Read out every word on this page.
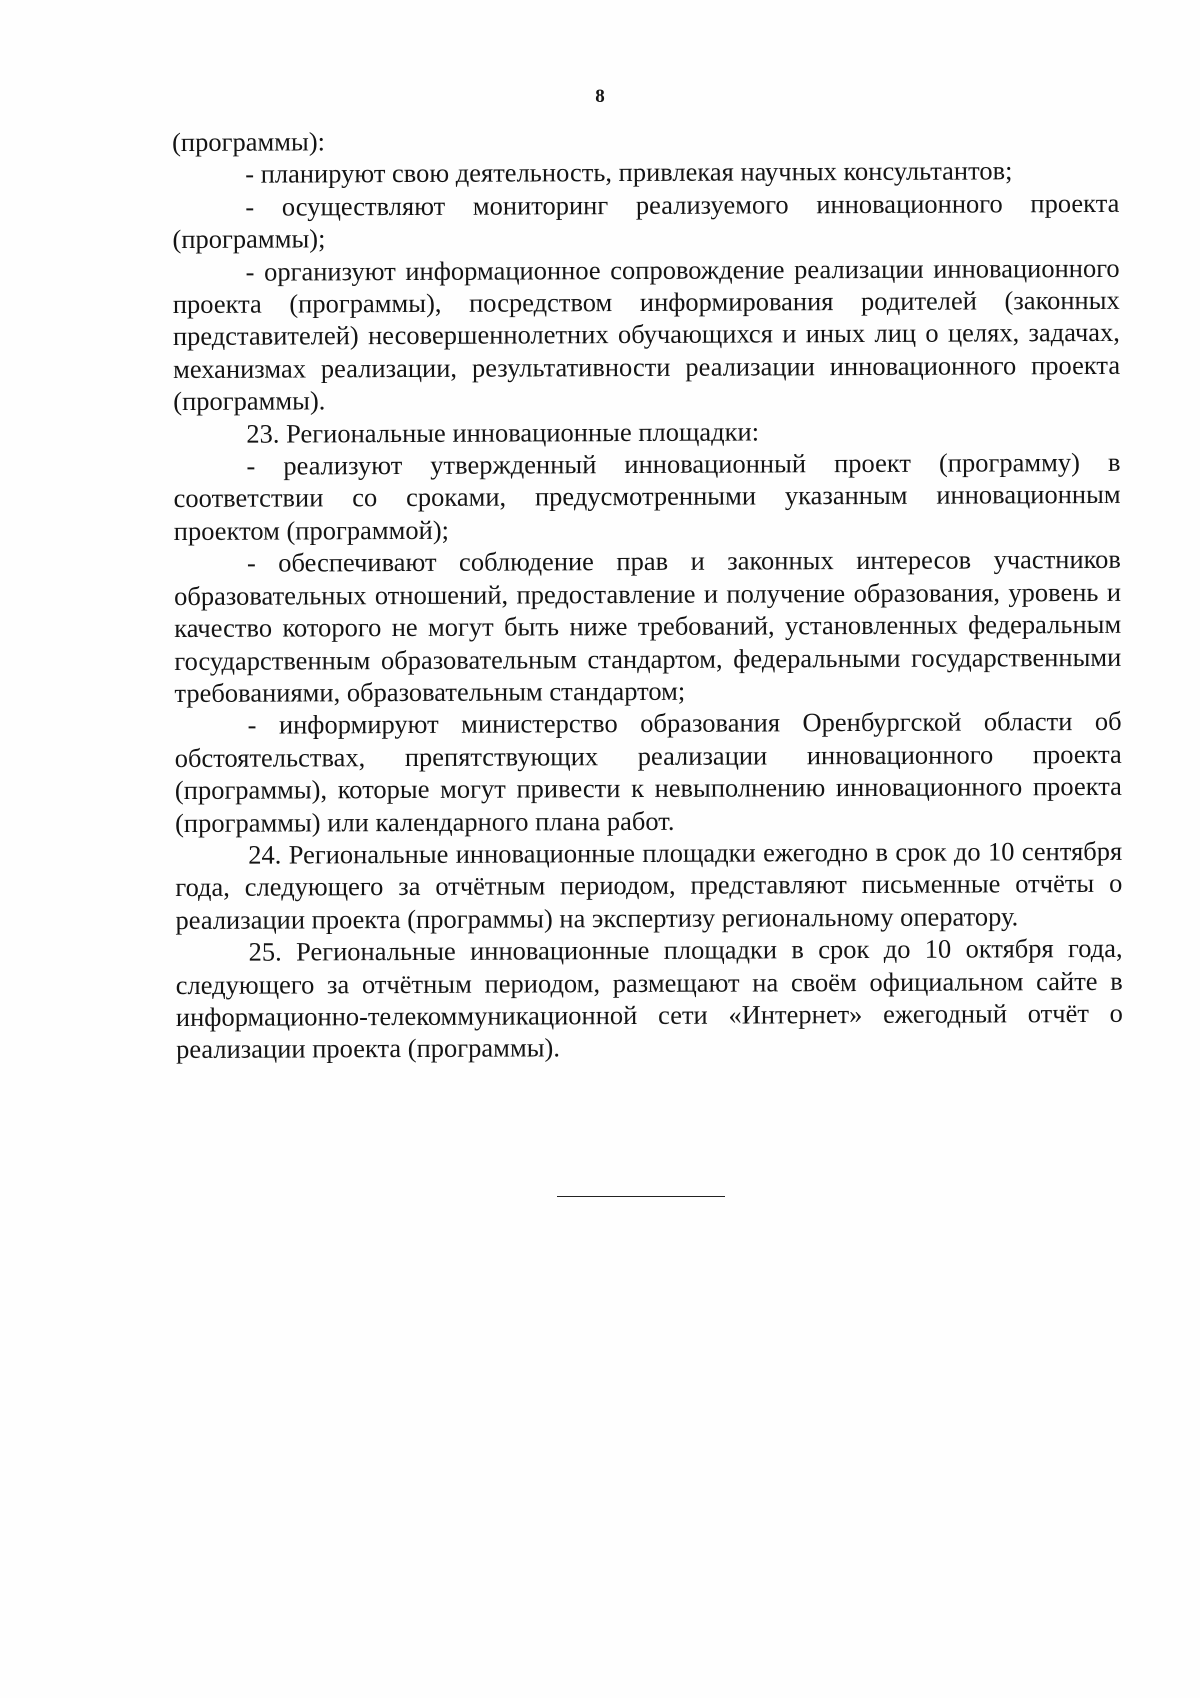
8

(программы):

- планируют свою деятельность, привлекая научных консультантов;

- осуществляют мониторинг реализуемого инновационного проекта (программы);

- организуют информационное сопровождение реализации инновационного проекта (программы), посредством информирования родителей (законных представителей) несовершеннолетних обучающихся и иных лиц о целях, задачах, механизмах реализации, результативности реализации инновационного проекта (программы).

23. Региональные инновационные площадки:

- реализуют утвержденный инновационный проект (программу) в соответствии со сроками, предусмотренными указанным инновационным проектом (программой);

- обеспечивают соблюдение прав и законных интересов участников образовательных отношений, предоставление и получение образования, уровень и качество которого не могут быть ниже требований, установленных федеральным государственным образовательным стандартом, федеральными государственными требованиями, образовательным стандартом;

- информируют министерство образования Оренбургской области об обстоятельствах, препятствующих реализации инновационного проекта (программы), которые могут привести к невыполнению инновационного проекта (программы) или календарного плана работ.

24. Региональные инновационные площадки ежегодно в срок до 10 сентября года, следующего за отчётным периодом, представляют письменные отчёты о реализации проекта (программы) на экспертизу региональному оператору.

25. Региональные инновационные площадки в срок до 10 октября года, следующего за отчётным периодом, размещают на своём официальном сайте в информационно-телекоммуникационной сети «Интернет» ежегодный отчёт о реализации проекта (программы).
